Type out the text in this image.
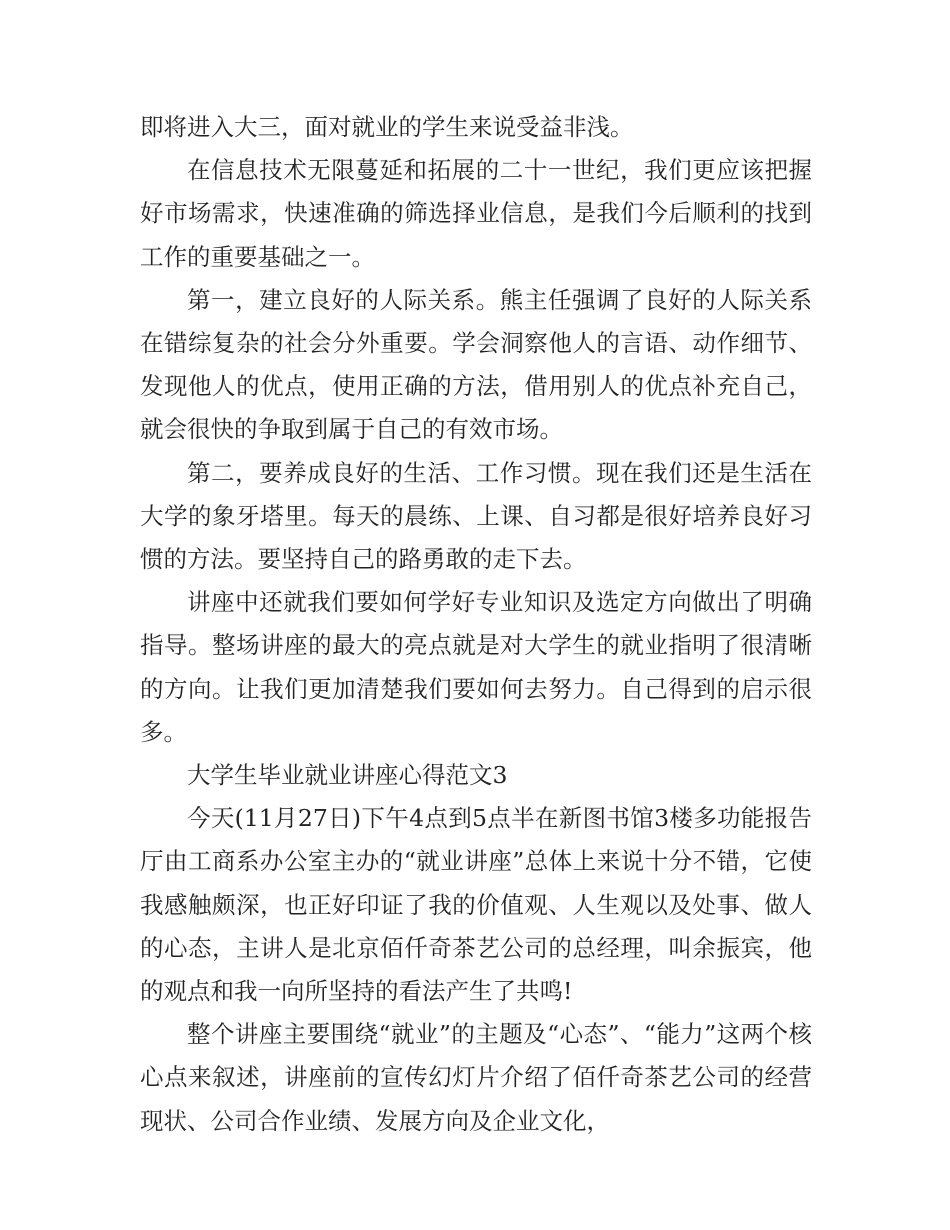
即将进入大三，面对就业的学生来说受益非浅。

在信息技术无限蔓延和拓展的二十一世纪，我们更应该把握好市场需求，快速准确的筛选择业信息，是我们今后顺利的找到工作的重要基础之一。

第一，建立良好的人际关系。熊主任强调了良好的人际关系在错综复杂的社会分外重要。学会洞察他人的言语、动作细节、发现他人的优点，使用正确的方法，借用别人的优点补充自己，就会很快的争取到属于自己的有效市场。

第二，要养成良好的生活、工作习惯。现在我们还是生活在大学的象牙塔里。每天的晨练、上课、自习都是很好培养良好习惯的方法。要坚持自己的路勇敢的走下去。

讲座中还就我们要如何学好专业知识及选定方向做出了明确指导。整场讲座的最大的亮点就是对大学生的就业指明了很清晰的方向。让我们更加清楚我们要如何去努力。自己得到的启示很多。

大学生毕业就业讲座心得范文3

今天(11月27日)下午4点到5点半在新图书馆3楼多功能报告厅由工商系办公室主办的“就业讲座”总体上来说十分不错，它使我感触颇深，也正好印证了我的价值观、人生观以及处事、做人的心态，主讲人是北京佰仟奇茶艺公司的总经理，叫余振宾，他的观点和我一向所坚持的看法产生了共鸣!

整个讲座主要围绕“就业”的主题及“心态”、“能力”这两个核心点来叙述，讲座前的宣传幻灯片介绍了佰仟奇茶艺公司的经营现状、公司合作业绩、发展方向及企业文化，
